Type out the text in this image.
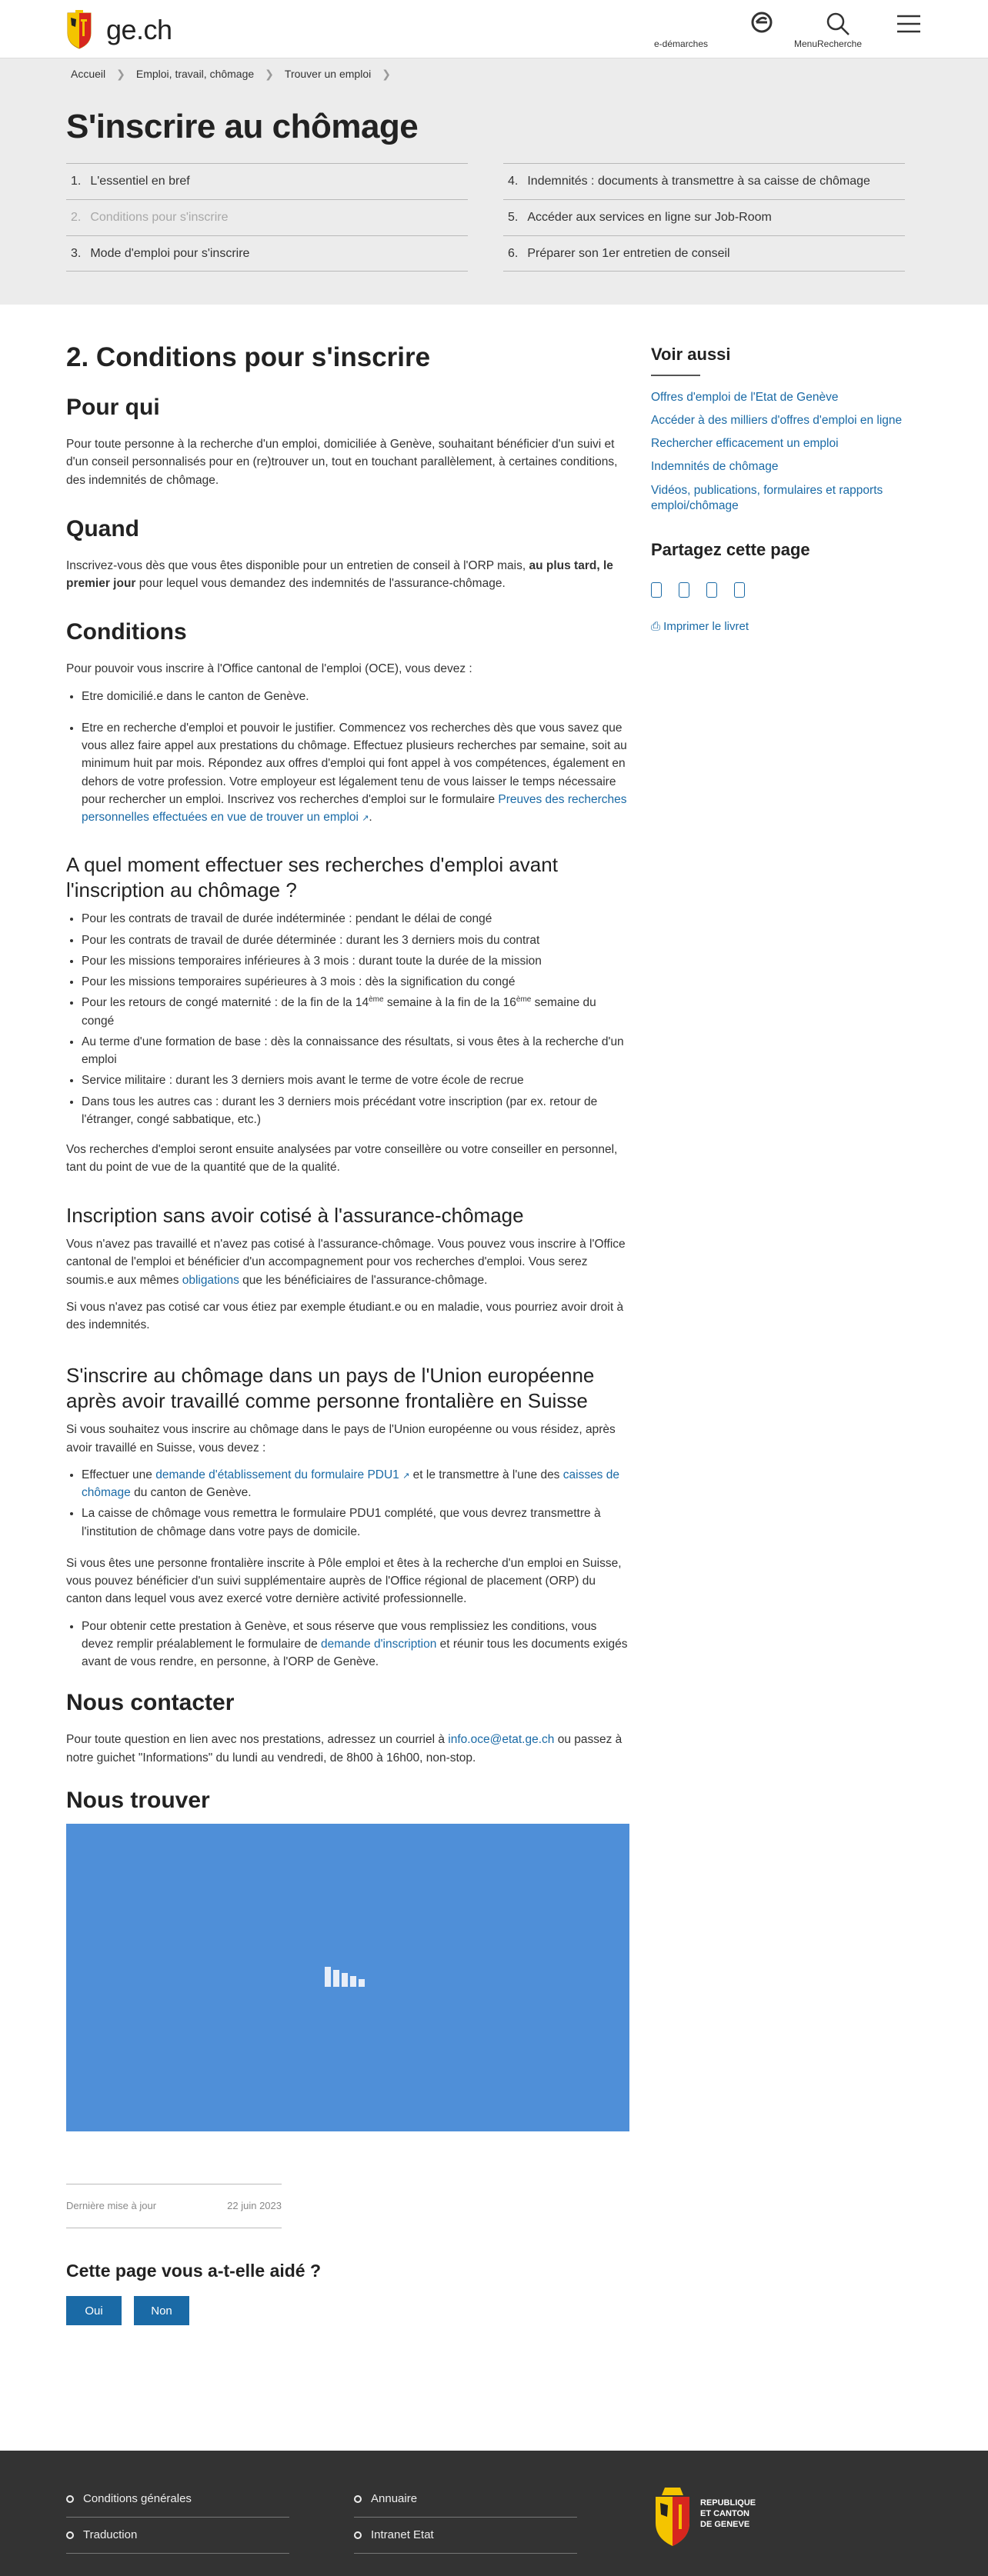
ge.ch	e-démarches	Menu Recherche
Accueil ❯ Emploi, travail, chômage ❯ Trouver un emploi ❯
S'inscrire au chômage
1. L'essentiel en bref
2. Conditions pour s'inscrire
3. Mode d'emploi pour s'inscrire
4. Indemnités : documents à transmettre à sa caisse de chômage
5. Accéder aux services en ligne sur Job-Room
6. Préparer son 1er entretien de conseil
2. Conditions pour s'inscrire
Pour qui

Pour toute personne à la recherche d'un emploi, domiciliée à Genève, souhaitant bénéficier d'un suivi et d'un conseil personnalisés pour en (re)trouver un, tout en touchant parallèlement, à certaines conditions, des indemnités de chômage.

Quand

Inscrivez-vous dès que vous êtes disponible pour un entretien de conseil à l'ORP mais, au plus tard, le premier jour pour lequel vous demandez des indemnités de l'assurance-chômage.

Conditions

Pour pouvoir vous inscrire à l'Office cantonal de l'emploi (OCE), vous devez :

• Etre domicilié.e dans le canton de Genève.
• Etre en recherche d'emploi et pouvoir le justifier. Commencez vos recherches dès que vous savez que vous allez faire appel aux prestations du chômage. Effectuez plusieurs recherches par semaine, soit au minimum huit par mois. Répondez aux offres d'emploi qui font appel à vos compétences, également en dehors de votre profession. Votre employeur est légalement tenu de vous laisser le temps nécessaire pour rechercher un emploi. Inscrivez vos recherches d'emploi sur le formulaire Preuves des recherches personnelles effectuées en vue de trouver un emploi ↗.
A quel moment effectuer ses recherches d'emploi avant l'inscription au chômage ?
• Pour les contrats de travail de durée indéterminée : pendant le délai de congé
• Pour les contrats de travail de durée déterminée : durant les 3 derniers mois du contrat
• Pour les missions temporaires inférieures à 3 mois : durant toute la durée de la mission
• Pour les missions temporaires supérieures à 3 mois : dès la signification du congé
• Pour les retours de congé maternité : de la fin de la 14ème semaine à la fin de la 16ème semaine du congé
• Au terme d'une formation de base : dès la connaissance des résultats, si vous êtes à la recherche d'un emploi
• Service militaire : durant les 3 derniers mois avant le terme de votre école de recrue
• Dans tous les autres cas : durant les 3 derniers mois précédant votre inscription (par ex. retour de l'étranger, congé sabbatique, etc.)

Vos recherches d'emploi seront ensuite analysées par votre conseillère ou votre conseiller en personnel, tant du point de vue de la quantité que de la qualité.

Inscription sans avoir cotisé à l'assurance-chômage

Vous n'avez pas travaillé et n'avez pas cotisé à l'assurance-chômage. Vous pouvez vous inscrire à l'Office cantonal de l'emploi et bénéficier d'un accompagnement pour vos recherches d'emploi. Vous serez soumis.e aux mêmes obligations que les bénéficiaires de l'assurance-chômage.

Si vous n'avez pas cotisé car vous étiez par exemple étudiant.e ou en maladie, vous pourriez avoir droit à des indemnités.

S'inscrire au chômage dans un pays de l'Union européenne après avoir travaillé comme personne frontalière en Suisse

Si vous souhaitez vous inscrire au chômage dans le pays de l'Union européenne ou vous résidez, après avoir travaillé en Suisse, vous devez :

• Effectuer une demande d'établissement du formulaire PDU1 ↗ et le transmettre à l'une des caisses de chômage du canton de Genève.
• La caisse de chômage vous remettra le formulaire PDU1 complété, que vous devrez transmettre à l'institution de chômage dans votre pays de domicile.

Si vous êtes une personne frontalière inscrite à Pôle emploi et êtes à la recherche d'un emploi en Suisse, vous pouvez bénéficier d'un suivi supplémentaire auprès de l'Office régional de placement (ORP) du canton dans lequel vous avez exercé votre dernière activité professionnelle.

• Pour obtenir cette prestation à Genève, et sous réserve que vous remplissiez les conditions, vous devez remplir préalablement le formulaire de demande d'inscription et réunir tous les documents exigés avant de vous rendre, en personne, à l'ORP de Genève.
Nous contacter

Pour toute question en lien avec nos prestations, adressez un courriel à info.oce@etat.ge.ch ou passez à notre guichet "Informations" du lundi au vendredi, de 8h00 à 16h00, non-stop.

Nous trouver
Dernière mise à jour	22 juin 2023
Cette page vous a-t-elle aidé ?
Oui	Non
Voir aussi
Offres d'emploi de l'Etat de Genève
Accéder à des milliers d'offres d'emploi en ligne
Rechercher efficacement un emploi
Indemnités de chômage
Vidéos, publications, formulaires et rapports emploi/chômage
Partagez cette page
⎙ Imprimer le livret
Conditions générales
Traduction
Annuaire
Intranet Etat
REPUBLIQUE
ET CANTON
DE GENEVE
